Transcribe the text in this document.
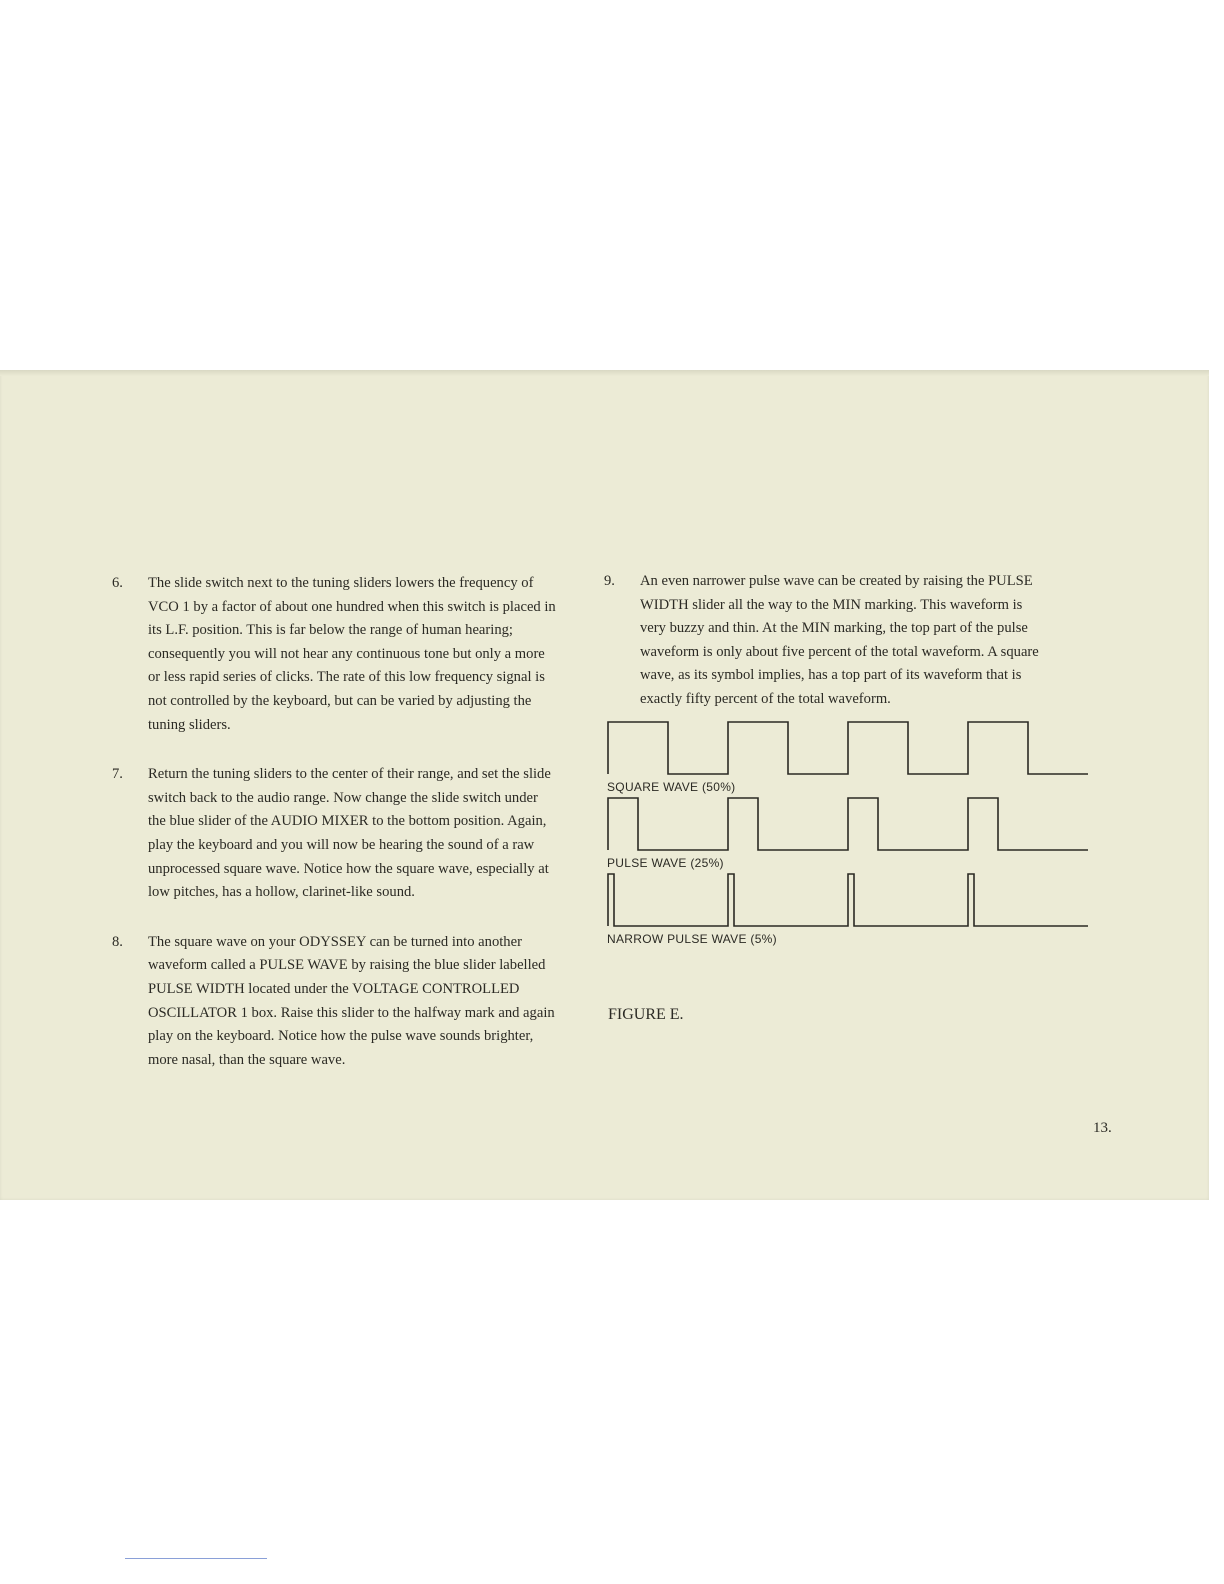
6. The slide switch next to the tuning sliders lowers the frequency of VCO 1 by a factor of about one hundred when this switch is placed in its L.F. position. This is far below the range of human hearing; consequently you will not hear any continuous tone but only a more or less rapid series of clicks. The rate of this low frequency signal is not controlled by the keyboard, but can be varied by adjusting the tuning sliders.

7. Return the tuning sliders to the center of their range, and set the slide switch back to the audio range. Now change the slide switch under the blue slider of the AUDIO MIXER to the bottom position. Again, play the keyboard and you will now be hearing the sound of a raw unprocessed square wave. Notice how the square wave, especially at low pitches, has a hollow, clarinet-like sound.

8. The square wave on your ODYSSEY can be turned into another waveform called a PULSE WAVE by raising the blue slider labelled PULSE WIDTH located under the VOLTAGE CONTROLLED OSCILLATOR 1 box. Raise this slider to the halfway mark and again play on the keyboard. Notice how the pulse wave sounds brighter, more nasal, than the square wave.

9. An even narrower pulse wave can be created by raising the PULSE WIDTH slider all the way to the MIN marking. This waveform is very buzzy and thin. At the MIN marking, the top part of the pulse waveform is only about five percent of the total waveform. A square wave, as its symbol implies, has a top part of its waveform that is exactly fifty percent of the total waveform.

SQUARE WAVE (50%)
PULSE WAVE (25%)
NARROW PULSE WAVE (5%)
FIGURE E.
13.
